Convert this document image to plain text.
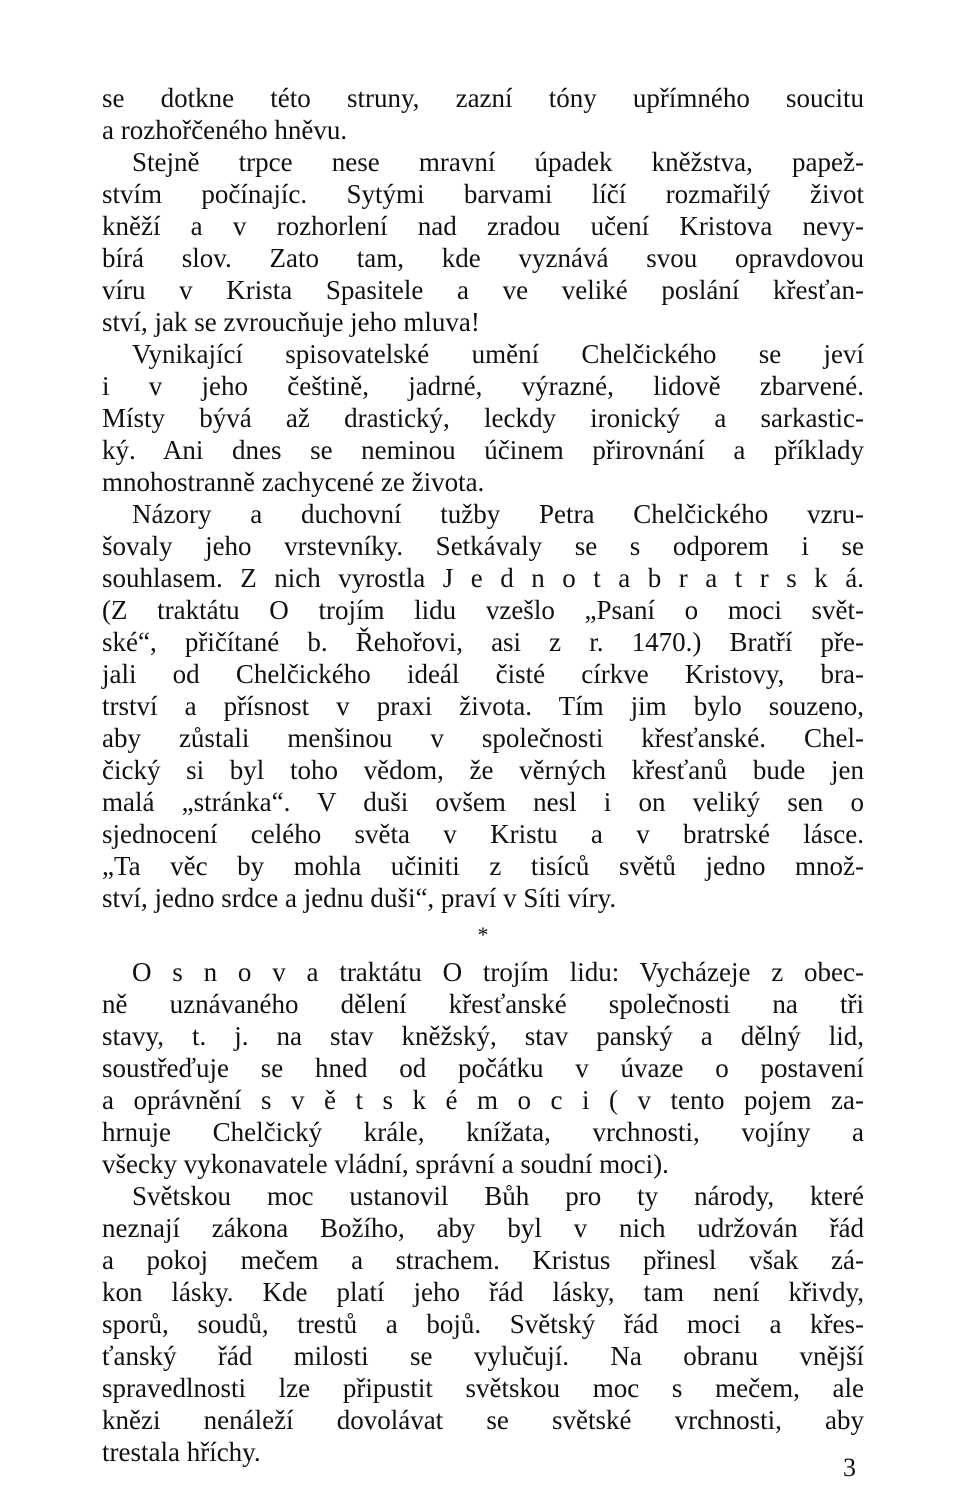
se dotkne této struny, zazní tóny upřímného soucitu
a rozhořčeného hněvu.
Stejně trpce nese mravní úpadek kněžstva, papež-
stvím počínajíc. Sytými barvami líčí rozmařilý život
kněží a v rozhorlení nad zradou učení Kristova nevy-
bírá slov. Zato tam, kde vyznává svou opravdovou
víru v Krista Spasitele a ve veliké poslání křesťan-
ství, jak se zvroucňuje jeho mluva!
Vynikající spisovatelské umění Chelčického se jeví
i v jeho češtině, jadrné, výrazné, lidově zbarvené.
Místy bývá až drastický, leckdy ironický a sarkastic-
ký. Ani dnes se neminou účinem přirovnání a příklady
mnohostranně zachycené ze života.
Názory a duchovní tužby Petra Chelčického vzru-
šovaly jeho vrstevníky. Setkávaly se s odporem i se
souhlasem. Z nich vyrostla J e d n o t a b r a t r s k á.
(Z traktátu O trojím lidu vzešlo „Psaní o moci svět-
ské“, přičítané b. Řehořovi, asi z r. 1470.) Bratří pře-
jali od Chelčického ideál čisté církve Kristovy, bra-
trství a přísnost v praxi života. Tím jim bylo souzeno,
aby zůstali menšinou v společnosti křesťanské. Chel-
čický si byl toho vědom, že věrných křesťanů bude jen
malá „stránka“. V duši ovšem nesl i on veliký sen o
sjednocení celého světa v Kristu a v bratrské lásce.
„Ta věc by mohla učiniti z tisíců světů jedno množ-
ství, jedno srdce a jednu duši“, praví v Síti víry.
*
O s n o v a traktátu O trojím lidu: Vycházeje z obec-
ně uznávaného dělení křesťanské společnosti na tři
stavy, t. j. na stav kněžský, stav panský a dělný lid,
soustřeďuje se hned od počátku v úvaze o postavení
a oprávnění s v ě t s k é m o c i ( v tento pojem za-
hrnuje Chelčický krále, knížata, vrchnosti, vojíny a
všecky vykonavatele vládní, správní a soudní moci).
Světskou moc ustanovil Bůh pro ty národy, které
neznají zákona Božího, aby byl v nich udržován řád
a pokoj mečem a strachem. Kristus přinesl však zá-
kon lásky. Kde platí jeho řád lásky, tam není křivdy,
sporů, soudů, trestů a bojů. Světský řád moci a křes-
ťanský řád milosti se vylučují. Na obranu vnější
spravedlnosti lze připustit světskou moc s mečem, ale
knězi nenáleží dovolávat se světské vrchnosti, aby
trestala hříchy.
3
